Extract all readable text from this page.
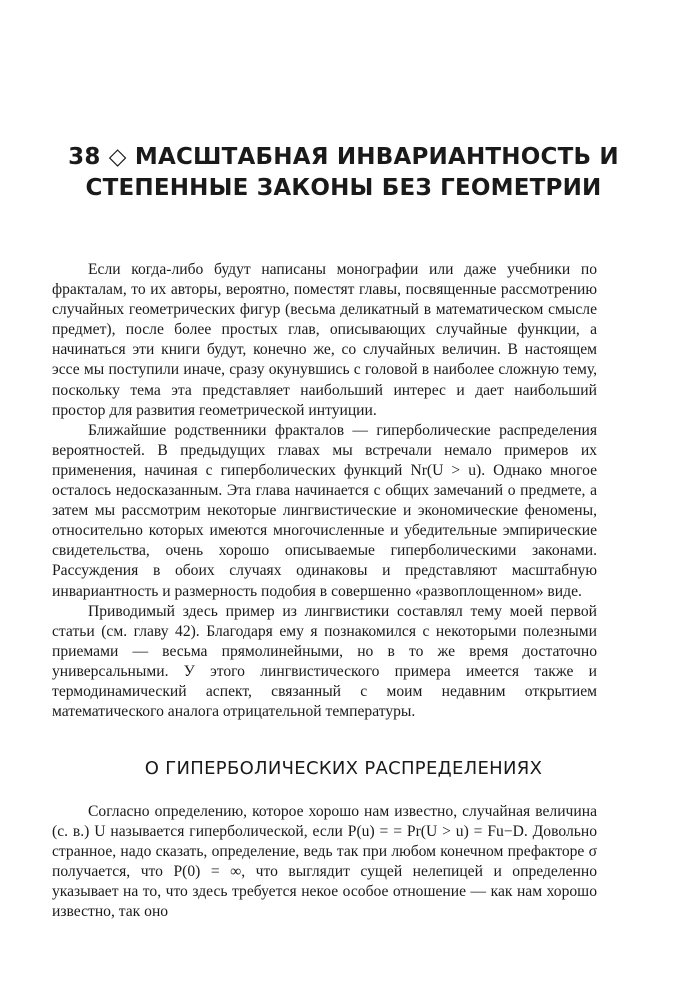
38 ◇ МАСШТАБНАЯ ИНВАРИАНТНОСТЬ И
СТЕПЕННЫЕ ЗАКОНЫ БЕЗ ГЕОМЕТРИИ

Если когда-либо будут написаны монографии или даже учебники по фракталам, то их авторы, вероятно, поместят главы, посвященные рассмотрению случайных геометрических фигур (весьма деликатный в математическом смысле предмет), после более простых глав, описывающих случайные функции, а начинаться эти книги будут, конечно же, со случайных величин. В настоящем эссе мы поступили иначе, сразу окунувшись с головой в наиболее сложную тему, поскольку тема эта представляет наибольший интерес и дает наибольший простор для развития геометрической интуиции.

Ближайшие родственники фракталов — гиперболические распределения вероятностей. В предыдущих главах мы встречали немало примеров их применения, начиная с гиперболических функций Nr(U > u). Однако многое осталось недосказанным. Эта глава начинается с общих замечаний о предмете, а затем мы рассмотрим некоторые лингвистические и экономические феномены, относительно которых имеются многочисленные и убедительные эмпирические свидетельства, очень хорошо описываемые гиперболическими законами. Рассуждения в обоих случаях одинаковы и представляют масштабную инвариантность и размерность подобия в совершенно «развоплощенном» виде.

Приводимый здесь пример из лингвистики составлял тему моей первой статьи (см. главу 42). Благодаря ему я познакомился с некоторыми полезными приемами — весьма прямолинейными, но в то же время достаточно универсальными. У этого лингвистического примера имеется также и термодинамический аспект, связанный с моим недавним открытием математического аналога отрицательной температуры.

О ГИПЕРБОЛИЧЕСКИХ РАСПРЕДЕЛЕНИЯХ

Согласно определению, которое хорошо нам известно, случайная величина (с. в.) U называется гиперболической, если P(u) = = Pr(U > u) = Fu−D. Довольно странное, надо сказать, определение, ведь так при любом конечном префакторе σ получается, что P(0) = ∞, что выглядит сущей нелепицей и определенно указывает на то, что здесь требуется некое особое отношение — как нам хорошо известно, так оно
